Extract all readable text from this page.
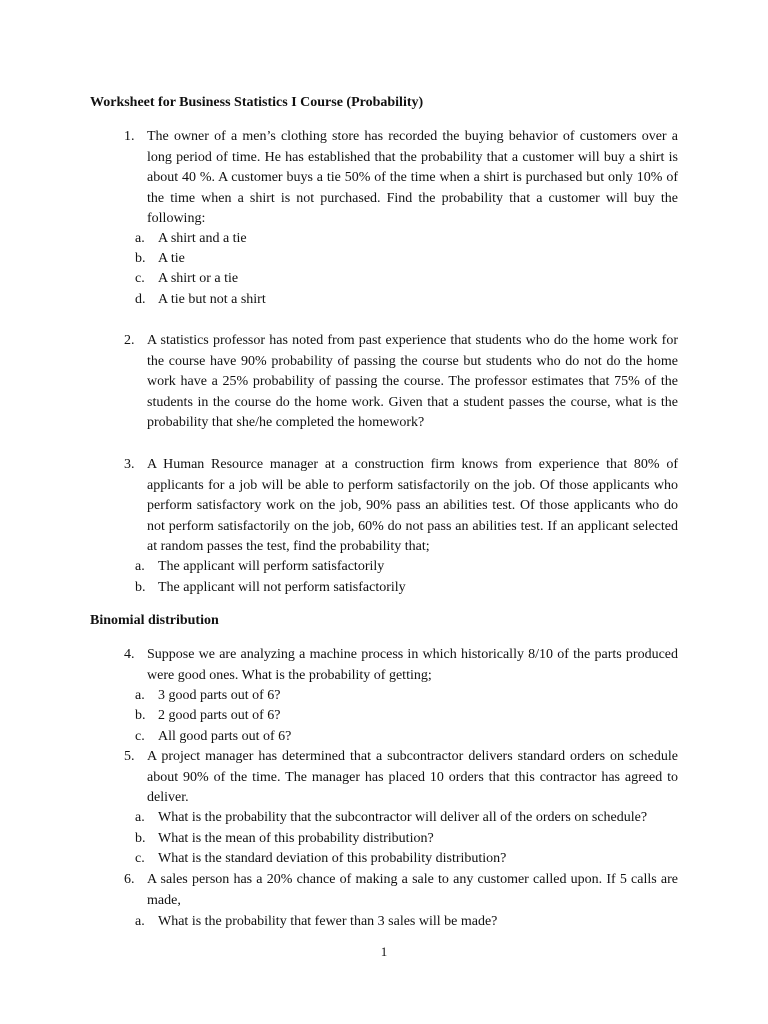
Worksheet for Business Statistics I Course (Probability)
1. The owner of a men’s clothing store has recorded the buying behavior of customers over a long period of time. He has established that the probability that a customer will buy a shirt is about 40 %. A customer buys a tie 50% of the time when a shirt is purchased but only 10% of the time when a shirt is not purchased. Find the probability that a customer will buy the following:
a. A shirt and a tie
b. A tie
c. A shirt or a tie
d. A tie but not a shirt
2. A statistics professor has noted from past experience that students who do the home work for the course have 90% probability of passing the course but students who do not do the home work have a 25% probability of passing the course. The professor estimates that 75% of the students in the course do the home work. Given that a student passes the course, what is the probability that she/he completed the homework?
3. A Human Resource manager at a construction firm knows from experience that 80% of applicants for a job will be able to perform satisfactorily on the job. Of those applicants who perform satisfactory work on the job, 90% pass an abilities test. Of those applicants who do not perform satisfactorily on the job, 60% do not pass an abilities test. If an applicant selected at random passes the test, find the probability that;
a. The applicant will perform satisfactorily
b. The applicant will not perform satisfactorily
Binomial distribution
4. Suppose we are analyzing a machine process in which historically 8/10 of the parts produced were good ones. What is the probability of getting;
a. 3 good parts out of 6?
b. 2 good parts out of 6?
c. All good parts out of 6?
5. A project manager has determined that a subcontractor delivers standard orders on schedule about 90% of the time. The manager has placed 10 orders that this contractor has agreed to deliver.
a. What is the probability that the subcontractor will deliver all of the orders on schedule?
b. What is the mean of this probability distribution?
c. What is the standard deviation of this probability distribution?
6. A sales person has a 20% chance of making a sale to any customer called upon. If 5 calls are made,
a. What is the probability that fewer than 3 sales will be made?
1
